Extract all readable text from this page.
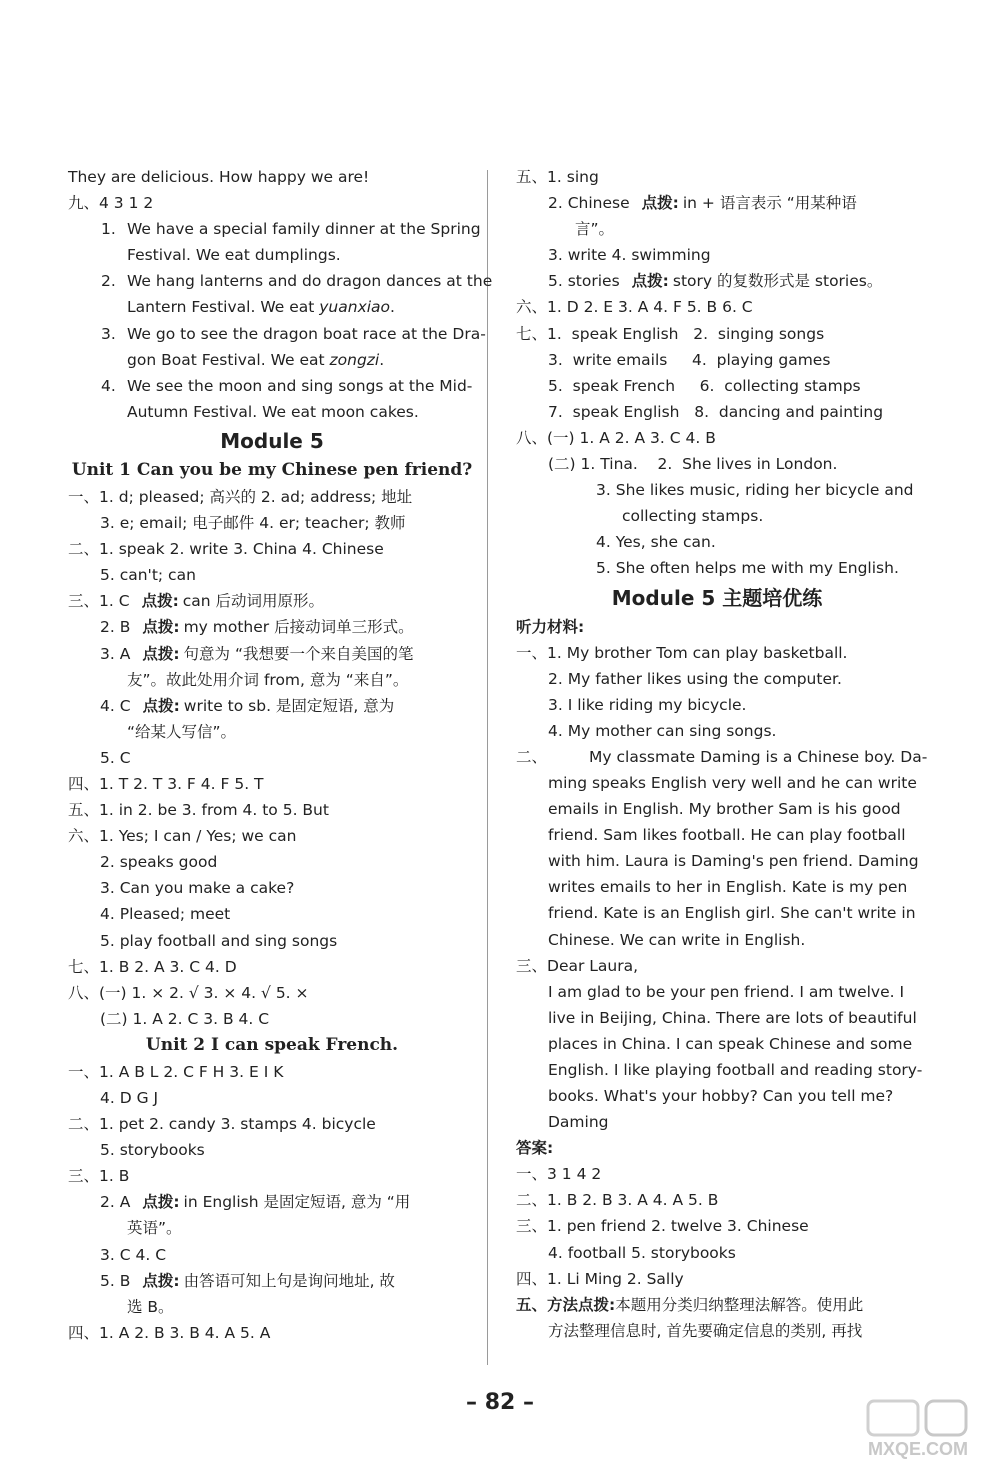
They are delicious. How happy we are!
九、4 3 1 2
1. We have a special family dinner at the Spring
Festival. We eat dumplings.
2. We hang lanterns and do dragon dances at the
Lantern Festival. We eat yuanxiao.
3. We go to see the dragon boat race at the Dra-
gon Boat Festival. We eat zongzi.
4. We see the moon and sing songs at the Mid-
Autumn Festival. We eat moon cakes.
Module 5
Unit 1 Can you be my Chinese pen friend?
一、1. d; pleased; 高兴的 2. ad; address; 地址
3. e; email; 电子邮件 4. er; teacher; 教师
二、1. speak 2. write 3. China 4. Chinese
5. can't; can
三、1. C 点拨: can 后动词用原形。
2. B 点拨: my mother 后接动词单三形式。
3. A 点拨: 句意为 “我想要一个来自美国的笔
友”。故此处用介词 from, 意为 “来自”。
4. C 点拨: write to sb. 是固定短语, 意为
“给某人写信”。
5. C
四、1. T 2. T 3. F 4. F 5. T
五、1. in 2. be 3. from 4. to 5. But
六、1. Yes; I can / Yes; we can
2. speaks good
3. Can you make a cake?
4. Pleased; meet
5. play football and sing songs
七、1. B 2. A 3. C 4. D
八、(一) 1. × 2. √ 3. × 4. √ 5. ×
(二) 1. A 2. C 3. B 4. C
Unit 2 I can speak French.
一、1. A B L 2. C F H 3. E I K
4. D G J
二、1. pet 2. candy 3. stamps 4. bicycle
5. storybooks
三、1. B
2. A 点拨: in English 是固定短语, 意为 “用
英语”。
3. C 4. C
5. B 点拨: 由答语可知上句是询问地址, 故
选 B。
四、1. A 2. B 3. B 4. A 5. A
五、1. sing
2. Chinese 点拨: in + 语言表示 “用某种语
言”。
3. write 4. swimming
5. stories 点拨: story 的复数形式是 stories。
六、1. D 2. E 3. A 4. F 5. B 6. C
七、1.  speak English   2.  singing songs
3.  write emails     4.  playing games
5.  speak French     6.  collecting stamps
7.  speak English   8.  dancing and painting
八、(一) 1. A 2. A 3. C 4. B
(二) 1. Tina.    2.  She lives in London.
3. She likes music, riding her bicycle and
collecting stamps.
4. Yes, she can.
5. She often helps me with my English.
Module 5 主题培优练
听力材料:
一、1. My brother Tom can play basketball.
2. My father likes using the computer.
3. I like riding my bicycle.
4. My mother can sing songs.
二、	My classmate Daming is a Chinese boy. Da-
ming speaks English very well and he can write
emails in English. My brother Sam is his good
friend. Sam likes football. He can play football
with him. Laura is Daming's pen friend. Daming
writes emails to her in English. Kate is my pen
friend. Kate is an English girl. She can't write in
Chinese. We can write in English.
三、Dear Laura,
I am glad to be your pen friend. I am twelve. I
live in Beijing, China. There are lots of beautiful
places in China. I can speak Chinese and some
English. I like playing football and reading story-
books. What's your hobby? Can you tell me?
Daming
答案:
一、3 1 4 2
二、1. B 2. B 3. A 4. A 5. B
三、1. pen friend 2. twelve 3. Chinese
4. football 5. storybooks
四、1. Li Ming 2. Sally
五、方法点拨:本题用分类归纳整理法解答。使用此
方法整理信息时, 首先要确定信息的类别, 再找
– 82 –
MXQE.COM
